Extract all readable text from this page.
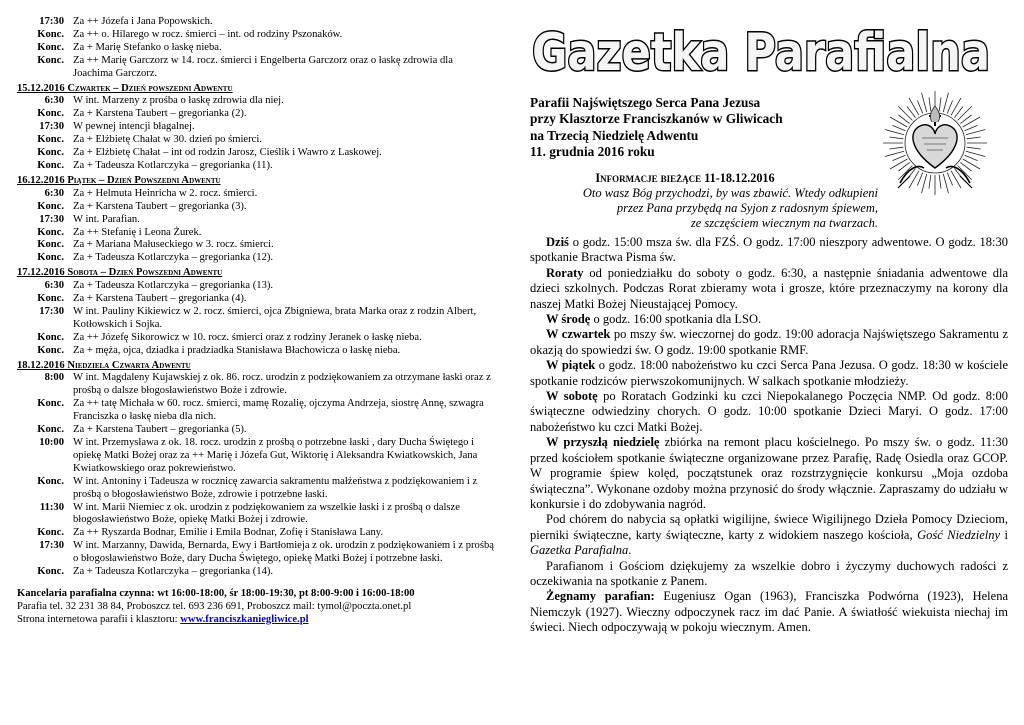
17:30 Za ++ Józefa i Jana Popowskich.
Konc. Za ++ o. Hilarego w rocz. śmierci – int. od rodziny Pszonaków.
Konc. Za + Marię Stefanko o łaskę nieba.
Konc. Za ++ Marię Garczorz w 14. rocz. śmierci i Engelberta Garczorz oraz o łaskę zdrowia dla Joachima Garczorz.
15.12.2016 Czwartek – Dzień powszedni Adwentu
6:30 W int. Marzeny z prośba o łaskę zdrowia dla niej.
Konc. Za + Karstena Taubert – gregorianka (2).
17:30 W pewnej intencji błagalnej.
Konc. Za + Elżbietę Chałat w 30. dzień po śmierci.
Konc. Za + Elżbietę Chałat – int od rodzin Jarosz, Cieślik i Wawro z Laskowej.
Konc. Za + Tadeusza Kotlarczyka – gregorianka (11).
16.12.2016 Piątek – Dzień Powszedni Adwentu
6:30 Za + Helmuta Heinricha w 2. rocz. śmierci.
Konc. Za + Karstena Taubert – gregorianka (3).
17:30 W int. Parafian.
Konc. Za ++ Stefanię i Leona Żurek.
Konc. Za + Mariana Małuseckiego w 3. rocz. śmierci.
Konc. Za + Tadeusza Kotlarczyka – gregorianka (12).
17.12.2016 Sobota – Dzień Powszedni Adwentu
6:30 Za + Tadeusza Kotlarczyka – gregorianka (13).
Konc. Za + Karstena Taubert – gregorianka (4).
17:30 W int. Pauliny Kikiewicz w 2. rocz. śmierci, ojca Zbigniewa, brata Marka oraz z rodzin Albert, Kotłowskich i Sojka.
Konc. Za ++ Józefę Sikorowicz w 10. rocz. śmierci oraz z rodziny Jeranek o łaskę nieba.
Konc. Za + męża, ojca, dziadka i pradziadka Stanisława Błachowicza o łaskę nieba.
18.12.2016 Niedziela Czwarta Adwentu
8:00 W int. Magdaleny Kujawskiej z ok. 86. rocz. urodzin z podziękowaniem za otrzymane łaski oraz z prośbą o dalsze błogosławieństwo Boże i zdrowie.
Konc. Za ++ tatę Michała w 60. rocz. śmierci, mamę Rozalię, ojczyma Andrzeja, siostrę Annę, szwagra Franciszka o łaskę nieba dla nich.
Konc. Za + Karstena Taubert – gregorianka (5).
10:00 W int. Przemysława z ok. 18. rocz. urodzin z prośbą o potrzebne łaski , dary Ducha Świętego i opiekę Matki Bożej oraz za ++ Marię i Józefa Gut, Wiktorię i Aleksandra Kwiatkowskich, Jana Kwiatkowskiego oraz pokrewieństwo.
Konc. W int. Antoniny i Tadeusza w rocznicę zawarcia sakramentu małżeństwa z podziękowaniem i z prośbą o błogosławieństwo Boże, zdrowie i potrzebne łaski.
11:30 W int. Marii Niemiec z ok. urodzin z podziękowaniem za wszelkie łaski i z prośbą o dalsze błogosławieństwo Boże, opiekę Matki Bożej i zdrowie.
Konc. Za ++ Ryszarda Bodnar, Emilie i Emila Bodnar, Zofię i Stanisława Lany.
17:30 W int. Marzanny, Dawida, Bernarda, Ewy i Bartłomieja z ok. urodzin z podziękowaniem i z prośbą o błogosławieństwo Boże, dary Ducha Świętego, opiekę Matki Bożej i potrzebne łaski.
Konc. Za + Tadeusza Kotlarczyka – gregorianka (14).
Kancelaria parafialna czynna: wt 16:00-18:00, śr 18:00-19:30, pt 8:00-9:00 i 16:00-18:00
Parafia tel. 32 231 38 84, Proboszcz tel. 693 236 691, Proboszcz mail: tymol@poczta.onet.pl
Strona internetowa parafii i klasztoru: www.franciszkaniegliwice.pl
Gazetka Parafialna
Parafii Najświętszego Serca Pana Jezusa
przy Klasztorze Franciszkanów w Gliwicach
na Trzecią Niedzielę Adwentu
11. grudnia 2016 roku
Informacje bieżące 11-18.12.2016
Oto wasz Bóg przychodzi, by was zbawić. Wtedy odkupieni
przez Pana przybędą na Syjon z radosnym śpiewem,
ze szczęściem wiecznym na twarzach.

Dziś o godz. 15:00 msza św. dla FZŚ. O godz. 17:00 nieszpory adwentowe. O godz. 18:30 spotkanie Bractwa Pisma św.

Roraty od poniedziałku do soboty o godz. 6:30, a następnie śniadania adwentowe dla dzieci szkolnych. Podczas Rorat zbieramy wota i grosze, które przeznaczymy na korony dla naszej Matki Bożej Nieustającej Pomocy.

W środę o godz. 16:00 spotkania dla LSO.

W czwartek po mszy św. wieczornej do godz. 19:00 adoracja Najświętszego Sakramentu z okazją do spowiedzi św. O godz. 19:00 spotkanie RMF.

W piątek o godz. 18:00 nabożeństwo ku czci Serca Pana Jezusa. O godz. 18:30 w kościele spotkanie rodziców pierwszokomunijnych. W salkach spotkanie młodzieży.

W sobotę po Roratach Godzinki ku czci Niepokalanego Poczęcia NMP. Od godz. 8:00 świąteczne odwiedziny chorych. O godz. 10:00 spotkanie Dzieci Maryi. O godz. 17:00 nabożeństwo ku czci Matki Bożej.

W przyszłą niedzielę zbiórka na remont placu kościelnego. Po mszy św. o godz. 11:30 przed kościołem spotkanie świąteczne organizowane przez Parafię, Radę Osiedla oraz GCOP. W programie śpiew kolęd, początstunek oraz rozstrzygnięcie konkursu „Moja ozdoba świąteczna”. Wykonane ozdoby można przynosić do środy włącznie. Zapraszamy do udziału w konkursie i do zdobywania nagród.

Pod chórem do nabycia są opłatki wigilijne, świece Wigilijnego Dzieła Pomocy Dzieciom, pierniki świąteczne, karty świąteczne, karty z widokiem naszego kościoła, Gość Niedzielny i Gazetka Parafialna.

Parafianom i Gościom dziękujemy za wszelkie dobro i życzymy duchowych radości z oczekiwania na spotkanie z Panem.

Żegnamy parafian: Eugeniusz Ogan (1963), Franciszka Podwórna (1923), Helena Niemczyk (1927). Wieczny odpoczynek racz im dać Panie. A światłość wiekuista niechaj im świeci. Niech odpoczywają w pokoju wiecznym. Amen.
